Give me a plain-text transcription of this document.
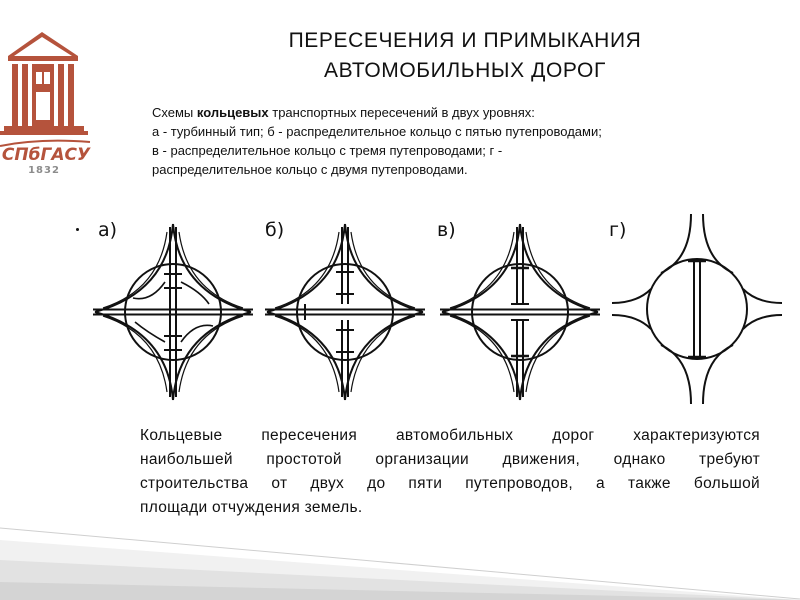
СПбГАСУ
1832
ПЕРЕСЕЧЕНИЯ И ПРИМЫКАНИЯ
АВТОМОБИЛЬНЫХ ДОРОГ
Схемы кольцевых транспортных пересечений в двух уровнях:
а - турбинный тип; б - распределительное кольцо с пятью путепроводами;
в - распределительное кольцо с тремя путепроводами; г -
распределительное кольцо с двумя путепроводами.
а)	б)	в)	г)
Кольцевые пересечения автомобильных дорог характеризуются
наибольшей простотой организации движения, однако требуют
строительства от двух до пяти путепроводов, а также большой
площади отчуждения земель.
